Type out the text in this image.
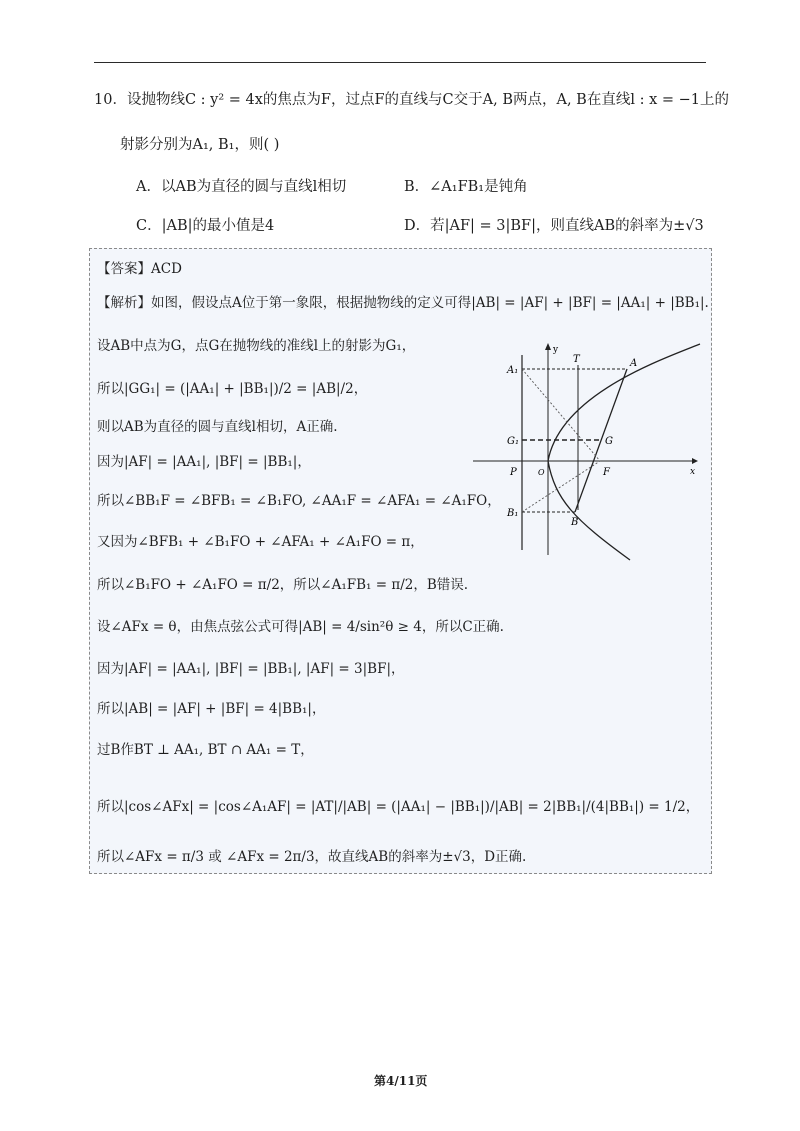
10．设抛物线C : y² = 4x的焦点为F，过点F的直线与C交于A, B两点，A, B在直线l : x = −1上的
射影分别为A₁, B₁，则( )
A．以AB为直径的圆与直线l相切	B．∠A₁FB₁是钝角
C．|AB|的最小值是4	D．若|AF| = 3|BF|，则直线AB的斜率为±√3
【答案】ACD
【解析】如图，假设点A位于第一象限，根据抛物线的定义可得|AB| = |AF| + |BF| = |AA₁| + |BB₁|.
设AB中点为G，点G在抛物线的准线l上的射影为G₁，
所以|GG₁| = (|AA₁| + |BB₁|)/2 = |AB|/2，
则以AB为直径的圆与直线l相切，A正确.
因为|AF| = |AA₁|, |BF| = |BB₁|，
所以∠BB₁F = ∠BFB₁ = ∠B₁FO, ∠AA₁F = ∠AFA₁ = ∠A₁FO，
又因为∠BFB₁ + ∠B₁FO + ∠AFA₁ + ∠A₁FO = π，
所以∠B₁FO + ∠A₁FO = π/2，所以∠A₁FB₁ = π/2，B错误.
设∠AFx = θ，由焦点弦公式可得|AB| = 4/sin²θ ≥ 4，所以C正确.
因为|AF| = |AA₁|, |BF| = |BB₁|, |AF| = 3|BF|，
所以|AB| = |AF| + |BF| = 4|BB₁|，
过B作BT ⊥ AA₁, BT ∩ AA₁ = T，
所以|cos∠AFx| = |cos∠A₁AF| = |AT|/|AB| = (|AA₁| − |BB₁|)/|AB| = 2|BB₁|/(4|BB₁|) = 1/2，
所以∠AFx = π/3 或 ∠AFx = 2π/3，故直线AB的斜率为±√3，D正确.
y
x
A
A₁
T
G
G₁
P	O	F
B
B₁
第4/11页
